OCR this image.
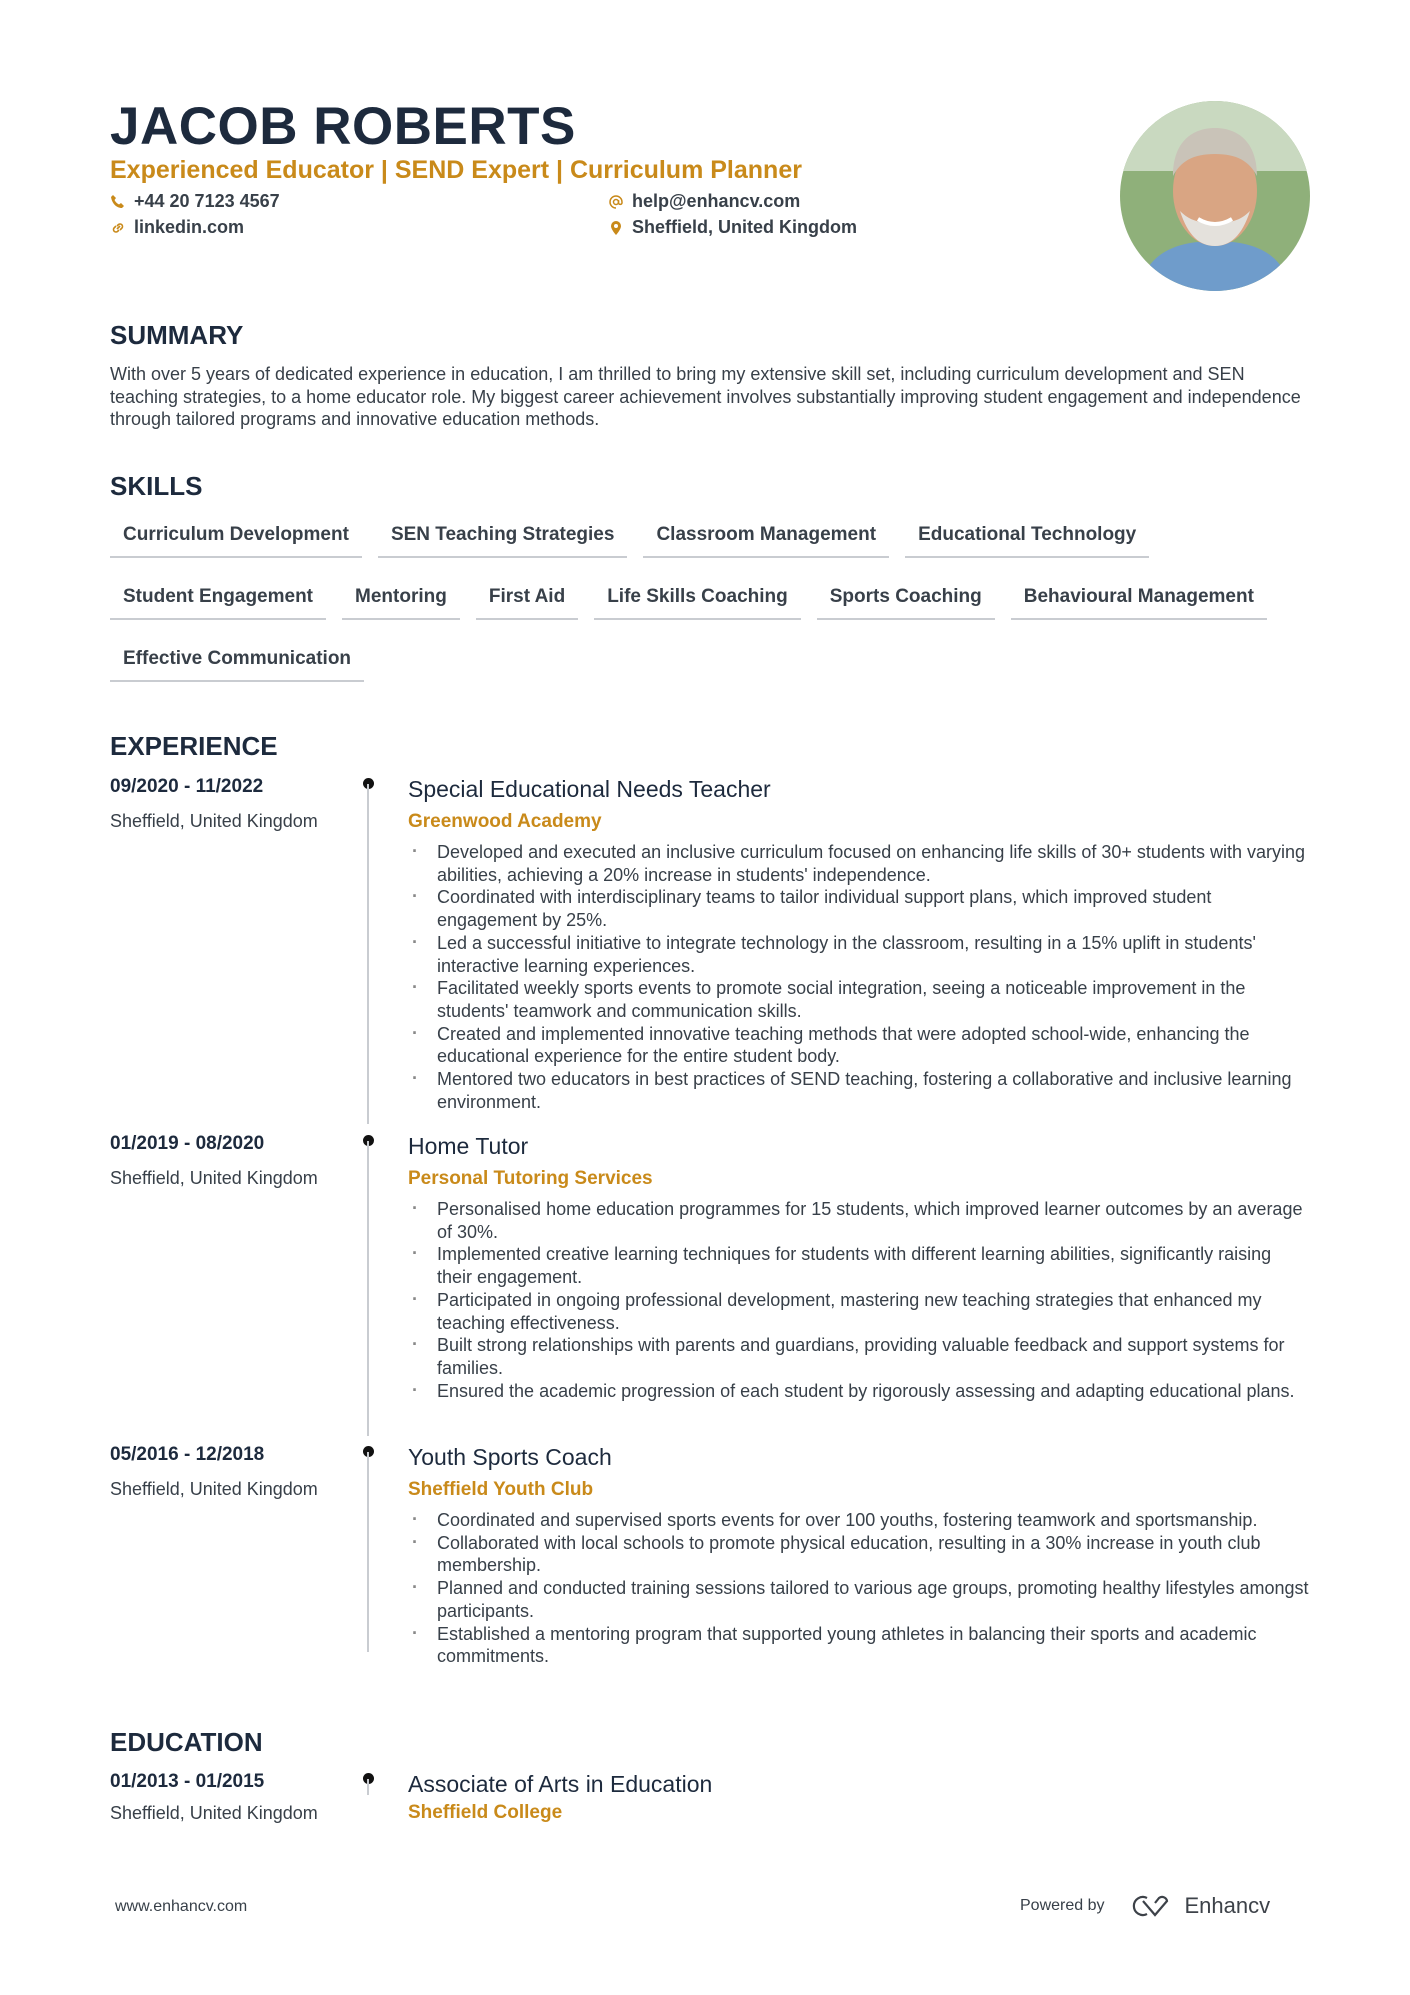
JACOB ROBERTS
Experienced Educator | SEND Expert | Curriculum Planner
+44 20 7123 4567
linkedin.com
help@enhancv.com
Sheffield, United Kingdom
SUMMARY
With over 5 years of dedicated experience in education, I am thrilled to bring my extensive skill set, including curriculum development and SEN teaching strategies, to a home educator role. My biggest career achievement involves substantially improving student engagement and independence through tailored programs and innovative education methods.
SKILLS
Curriculum Development	SEN Teaching Strategies	Classroom Management	Educational Technology
Student Engagement	Mentoring	First Aid	Life Skills Coaching	Sports Coaching	Behavioural Management
Effective Communication
EXPERIENCE
09/2020 - 11/2022
Sheffield, United Kingdom
Special Educational Needs Teacher
Greenwood Academy
· Developed and executed an inclusive curriculum focused on enhancing life skills of 30+ students with varying abilities, achieving a 20% increase in students' independence.
· Coordinated with interdisciplinary teams to tailor individual support plans, which improved student engagement by 25%.
· Led a successful initiative to integrate technology in the classroom, resulting in a 15% uplift in students' interactive learning experiences.
· Facilitated weekly sports events to promote social integration, seeing a noticeable improvement in the students' teamwork and communication skills.
· Created and implemented innovative teaching methods that were adopted school-wide, enhancing the educational experience for the entire student body.
· Mentored two educators in best practices of SEND teaching, fostering a collaborative and inclusive learning environment.
01/2019 - 08/2020
Sheffield, United Kingdom
Home Tutor
Personal Tutoring Services
· Personalised home education programmes for 15 students, which improved learner outcomes by an average of 30%.
· Implemented creative learning techniques for students with different learning abilities, significantly raising their engagement.
· Participated in ongoing professional development, mastering new teaching strategies that enhanced my teaching effectiveness.
· Built strong relationships with parents and guardians, providing valuable feedback and support systems for families.
· Ensured the academic progression of each student by rigorously assessing and adapting educational plans.
05/2016 - 12/2018
Sheffield, United Kingdom
Youth Sports Coach
Sheffield Youth Club
· Coordinated and supervised sports events for over 100 youths, fostering teamwork and sportsmanship.
· Collaborated with local schools to promote physical education, resulting in a 30% increase in youth club membership.
· Planned and conducted training sessions tailored to various age groups, promoting healthy lifestyles amongst participants.
· Established a mentoring program that supported young athletes in balancing their sports and academic commitments.
EDUCATION
01/2013 - 01/2015
Sheffield, United Kingdom
Associate of Arts in Education
Sheffield College
www.enhancv.com	Powered by	Enhancv
